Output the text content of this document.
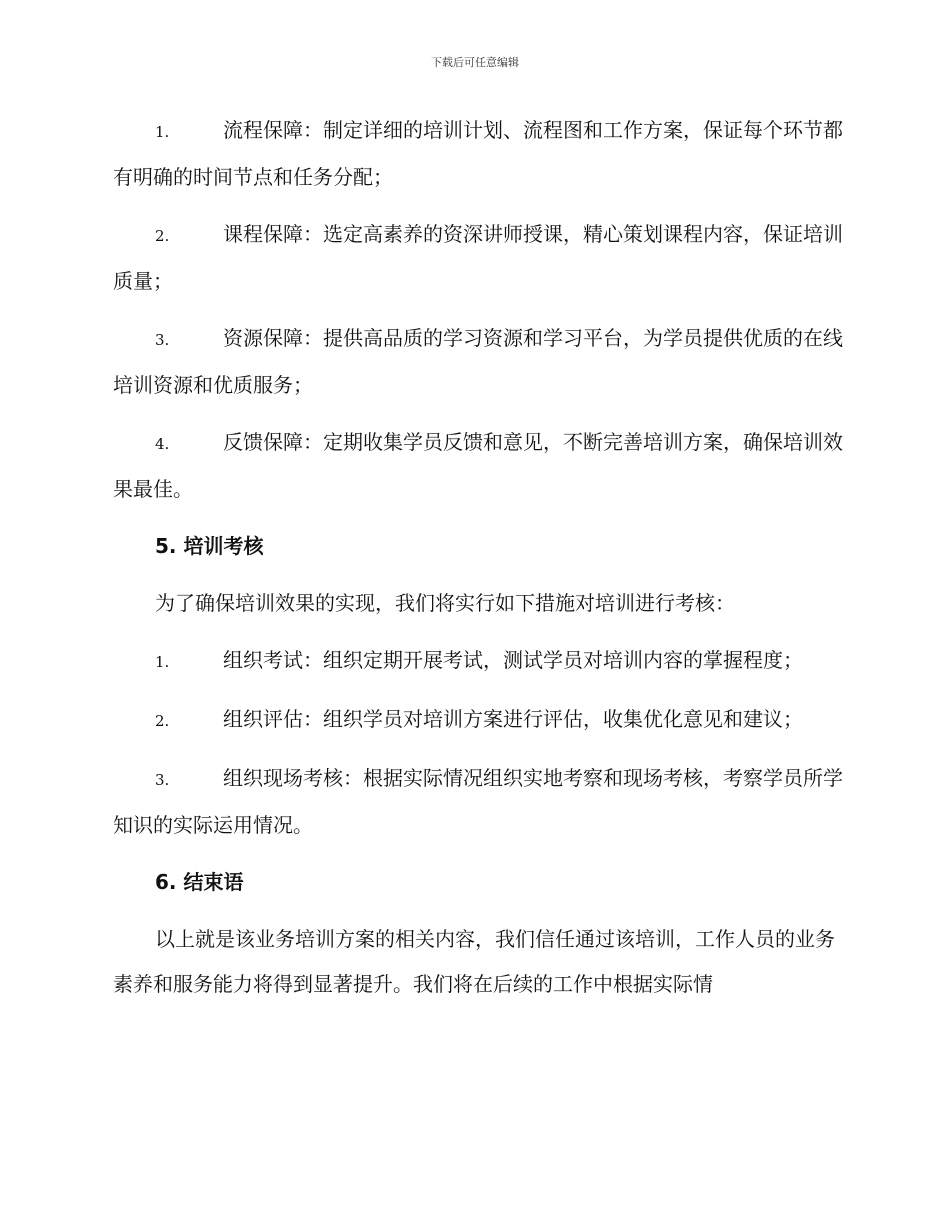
下载后可任意编辑
1.	流程保障：制定详细的培训计划、流程图和工作方案，保证每个环节都有明确的时间节点和任务分配；
2.	课程保障：选定高素养的资深讲师授课，精心策划课程内容，保证培训质量；
3.	资源保障：提供高品质的学习资源和学习平台，为学员提供优质的在线培训资源和优质服务；
4.	反馈保障：定期收集学员反馈和意见，不断完善培训方案，确保培训效果最佳。
5. 培训考核
为了确保培训效果的实现，我们将实行如下措施对培训进行考核：
1.	组织考试：组织定期开展考试，测试学员对培训内容的掌握程度；
2.	组织评估：组织学员对培训方案进行评估，收集优化意见和建议；
3.	组织现场考核：根据实际情况组织实地考察和现场考核，考察学员所学知识的实际运用情况。
6. 结束语
以上就是该业务培训方案的相关内容，我们信任通过该培训，工作人员的业务素养和服务能力将得到显著提升。我们将在后续的工作中根据实际情
